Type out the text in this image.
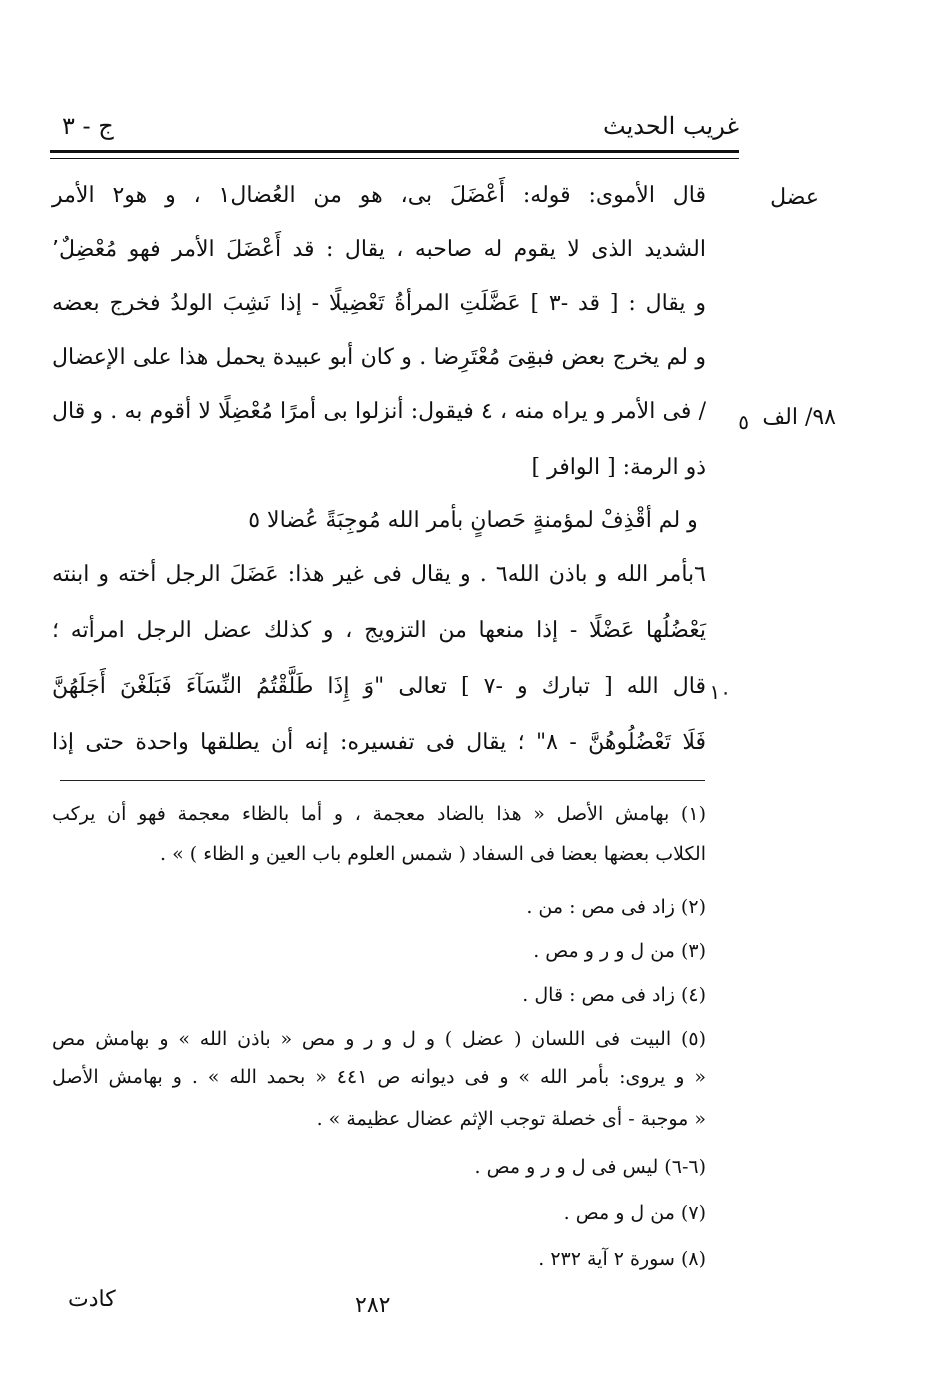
غريب الحديث
ج - ٣
عضل
٩٨/ الف
٥
١٠
قال الأموى: قوله: أَعْضَلَ بى، هو من العُضال١ ، و هو٢ الأمر
الشديد الذى لا يقوم له صاحبه ، يقال : قد أَعْضَلَ الأمر فهو مُعْضِلٌ٬
و يقال : [ قد -٣ ] عَضَّلَتِ المرأةُ تَعْضِيلًا - إذا نَشِبَ الولدُ فخرج بعضه
و لم يخرج بعض فبقِىَ مُعْتَرِضا . و كان أبو عبيدة يحمل هذا على الإعضال
/ فى الأمر و يراه منه ، ٤ فيقول: أنزلوا بى أمرًا مُعْضِلًا لا أقوم به . و قال
ذو الرمة: [ الوافر ]
و لم أقْذِفْ لمؤمنةٍ حَصانٍ بأمر الله مُوجِبَةً عُضالا ٥
٦بأمر الله و باذن الله٦ . و يقال فى غير هذا: عَضَلَ الرجل أخته و ابنته
يَعْضُلُها عَضْلًا - إذا منعها من التزويج ، و كذلك عضل الرجل امرأته ؛
قال الله [ تبارك و -٧ ] تعالى "وَ إِذَا طَلَّقْتُمُ النِّسَآءَ فَبَلَغْنَ أَجَلَهُنَّ
فَلَا تَعْضُلُوهُنَّ - ٨" ؛ يقال فى تفسيره: إنه أن يطلقها واحدة حتى إذا
(١) بهامش الأصل « هذا بالضاد معجمة ، و أما بالظاء معجمة فهو أن يركب
الكلاب بعضها بعضا فى السفاد ( شمس العلوم باب العين و الظاء ) » .
(٢) زاد فى مص : من .
(٣) من ل و ر و مص .
(٤) زاد فى مص : قال .
(٥) البيت فى اللسان ( عضل ) و ل و ر و مص « باذن الله » و بهامش مص
« و يروى: بأمر الله » و فى ديوانه ص ٤٤١ « بحمد الله » . و بهامش الأصل
« موجبة - أى خصلة توجب الإثم عضال عظيمة » .
(٦-٦) ليس فى ل و ر و مص .
(٧) من ل و مص .
(٨) سورة ٢ آية ٢٣٢ .
٢٨٢
كادت
